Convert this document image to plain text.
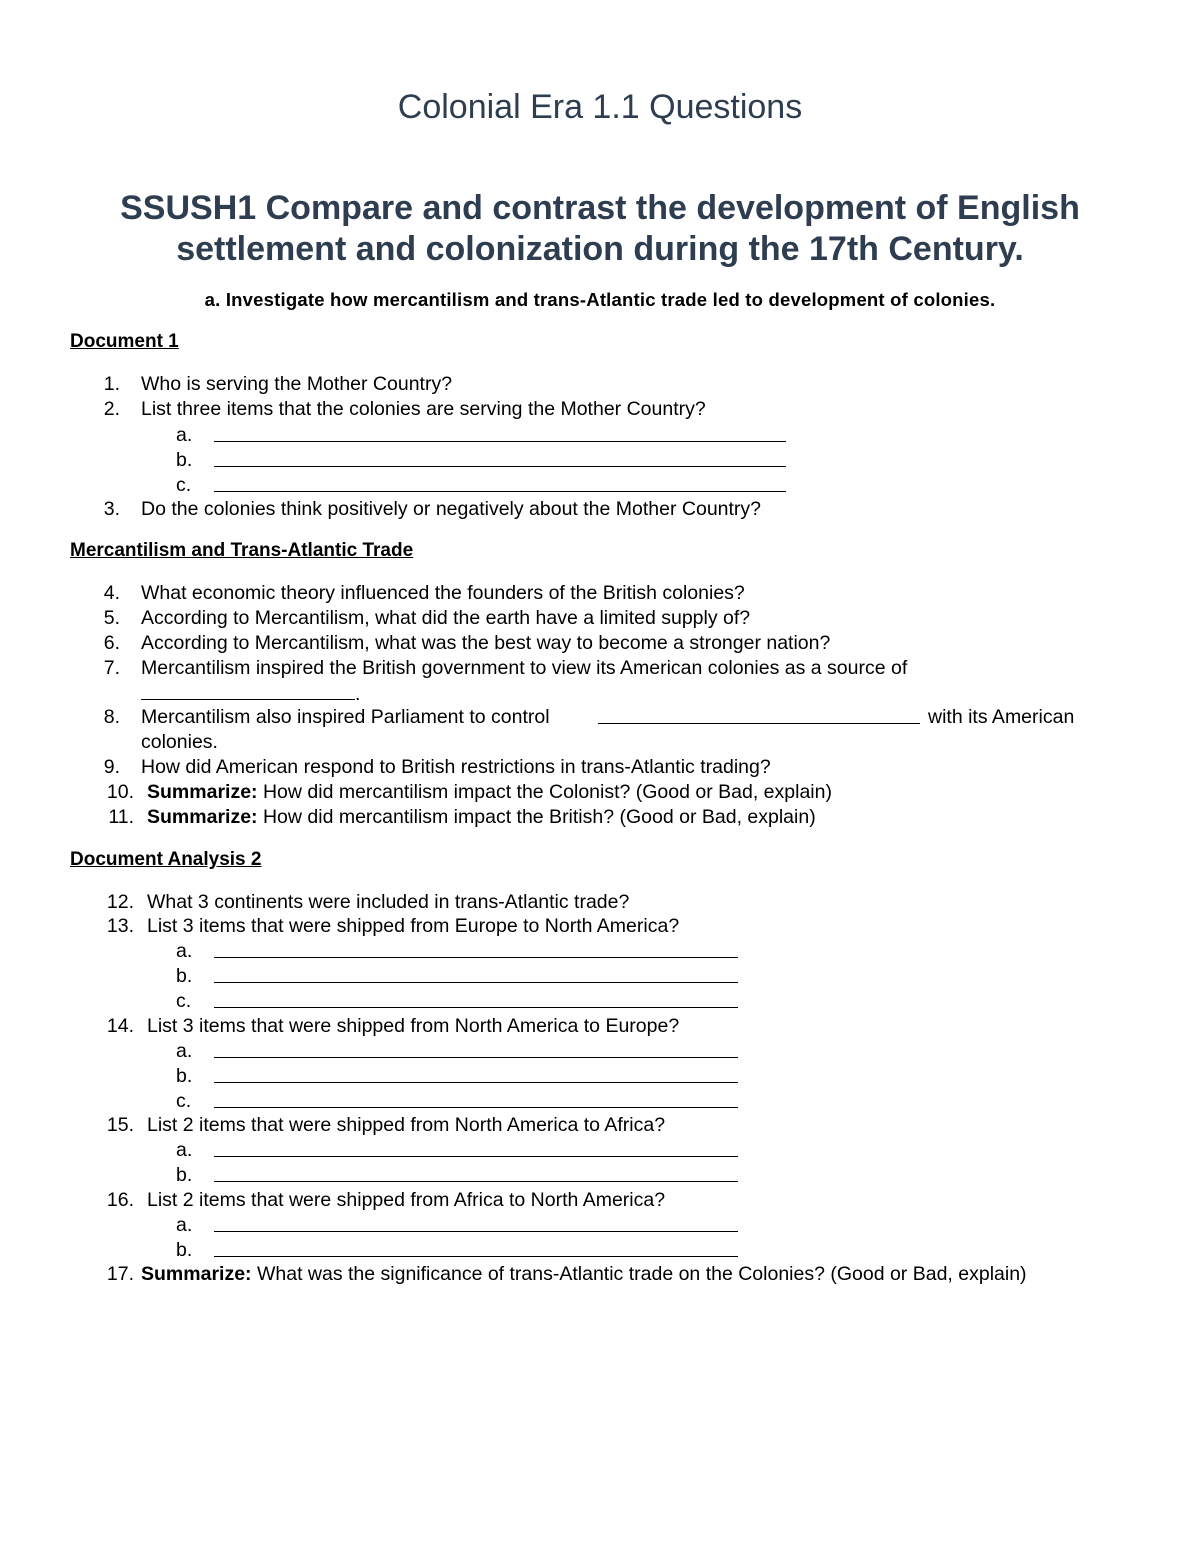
Colonial Era 1.1 Questions
SSUSH1 Compare and contrast the development of English settlement and colonization during the 17th Century.
a. Investigate how mercantilism and trans-Atlantic trade led to development of colonies.
Document 1
1. Who is serving the Mother Country?
2. List three items that the colonies are serving the Mother Country?
a.
b.
c.
3. Do the colonies think positively or negatively about the Mother Country?
Mercantilism and Trans-Atlantic Trade
4. What economic theory influenced the founders of the British colonies?
5. According to Mercantilism, what did the earth have a limited supply of?
6. According to Mercantilism, what was the best way to become a stronger nation?
7. Mercantilism inspired the British government to view its American colonies as a source of
.
8. Mercantilism also inspired Parliament to control	with its American
colonies.
9. How did American respond to British restrictions in trans-Atlantic trading?
10. Summarize: How did mercantilism impact the Colonist? (Good or Bad, explain)
11. Summarize: How did mercantilism impact the British? (Good or Bad, explain)
Document Analysis 2
12. What 3 continents were included in trans-Atlantic trade?
13. List 3 items that were shipped from Europe to North America?
a.
b.
c.
14. List 3 items that were shipped from North America to Europe?
a.
b.
c.
15. List 2 items that were shipped from North America to Africa?
a.
b.
16. List 2 items that were shipped from Africa to North America?
a.
b.
17. Summarize: What was the significance of trans-Atlantic trade on the Colonies? (Good or Bad, explain)
